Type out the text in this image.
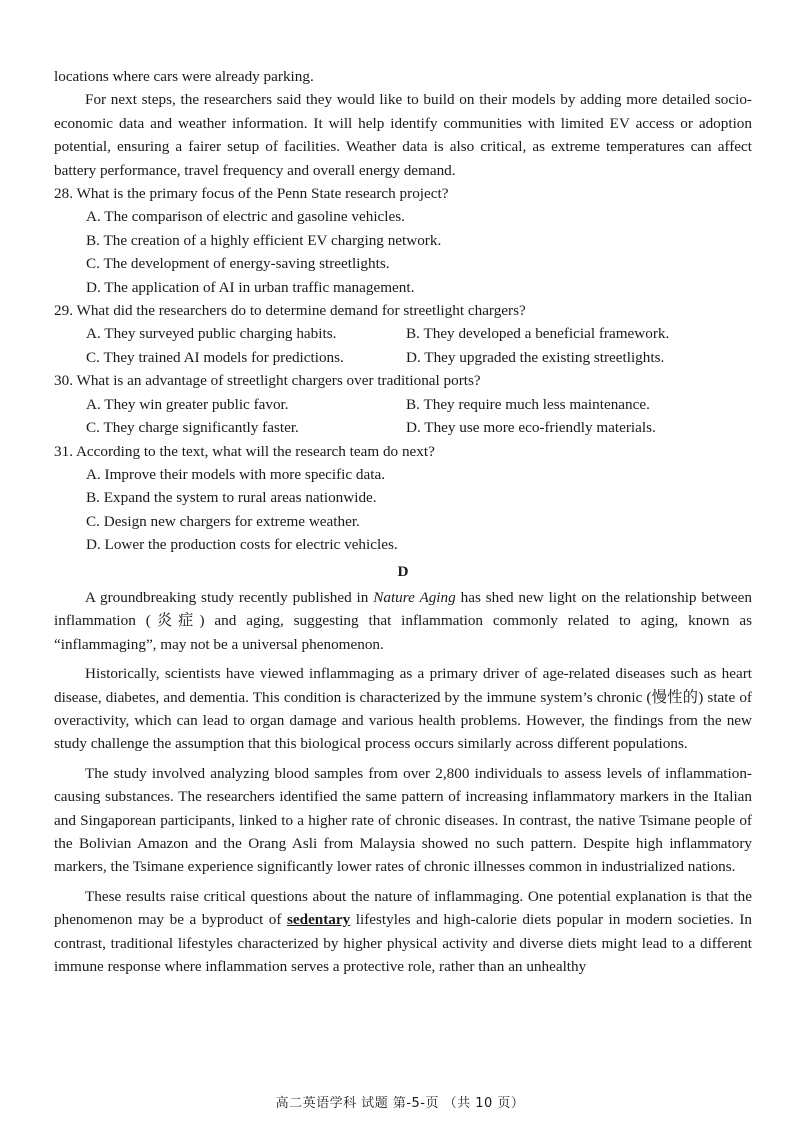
locations where cars were already parking.
For next steps, the researchers said they would like to build on their models by adding more detailed socio-economic data and weather information. It will help identify communities with limited EV access or adoption potential, ensuring a fairer setup of facilities. Weather data is also critical, as extreme temperatures can affect battery performance, travel frequency and overall energy demand.
28. What is the primary focus of the Penn State research project?
A. The comparison of electric and gasoline vehicles.
B. The creation of a highly efficient EV charging network.
C. The development of energy-saving streetlights.
D. The application of AI in urban traffic management.
29. What did the researchers do to determine demand for streetlight chargers?
A. They surveyed public charging habits.	B. They developed a beneficial framework.
C. They trained AI models for predictions.	D. They upgraded the existing streetlights.
30. What is an advantage of streetlight chargers over traditional ports?
A. They win greater public favor.	B. They require much less maintenance.
C. They charge significantly faster.	D. They use more eco-friendly materials.
31. According to the text, what will the research team do next?
A. Improve their models with more specific data.
B. Expand the system to rural areas nationwide.
C. Design new chargers for extreme weather.
D. Lower the production costs for electric vehicles.
D
A groundbreaking study recently published in Nature Aging has shed new light on the relationship between inflammation (炎症) and aging, suggesting that inflammation commonly related to aging, known as “inflammaging”, may not be a universal phenomenon.
Historically, scientists have viewed inflammaging as a primary driver of age-related diseases such as heart disease, diabetes, and dementia. This condition is characterized by the immune system’s chronic (慢性的) state of overactivity, which can lead to organ damage and various health problems. However, the findings from the new study challenge the assumption that this biological process occurs similarly across different populations.
The study involved analyzing blood samples from over 2,800 individuals to assess levels of inflammation-causing substances. The researchers identified the same pattern of increasing inflammatory markers in the Italian and Singaporean participants, linked to a higher rate of chronic diseases. In contrast, the native Tsimane people of the Bolivian Amazon and the Orang Asli from Malaysia showed no such pattern. Despite high inflammatory markers, the Tsimane experience significantly lower rates of chronic illnesses common in industrialized nations.
These results raise critical questions about the nature of inflammaging. One potential explanation is that the phenomenon may be a byproduct of sedentary lifestyles and high-calorie diets popular in modern societies. In contrast, traditional lifestyles characterized by higher physical activity and diverse diets might lead to a different immune response where inflammation serves a protective role, rather than an unhealthy
高二英语学科 试题 第-5-页 （共 10 页）
